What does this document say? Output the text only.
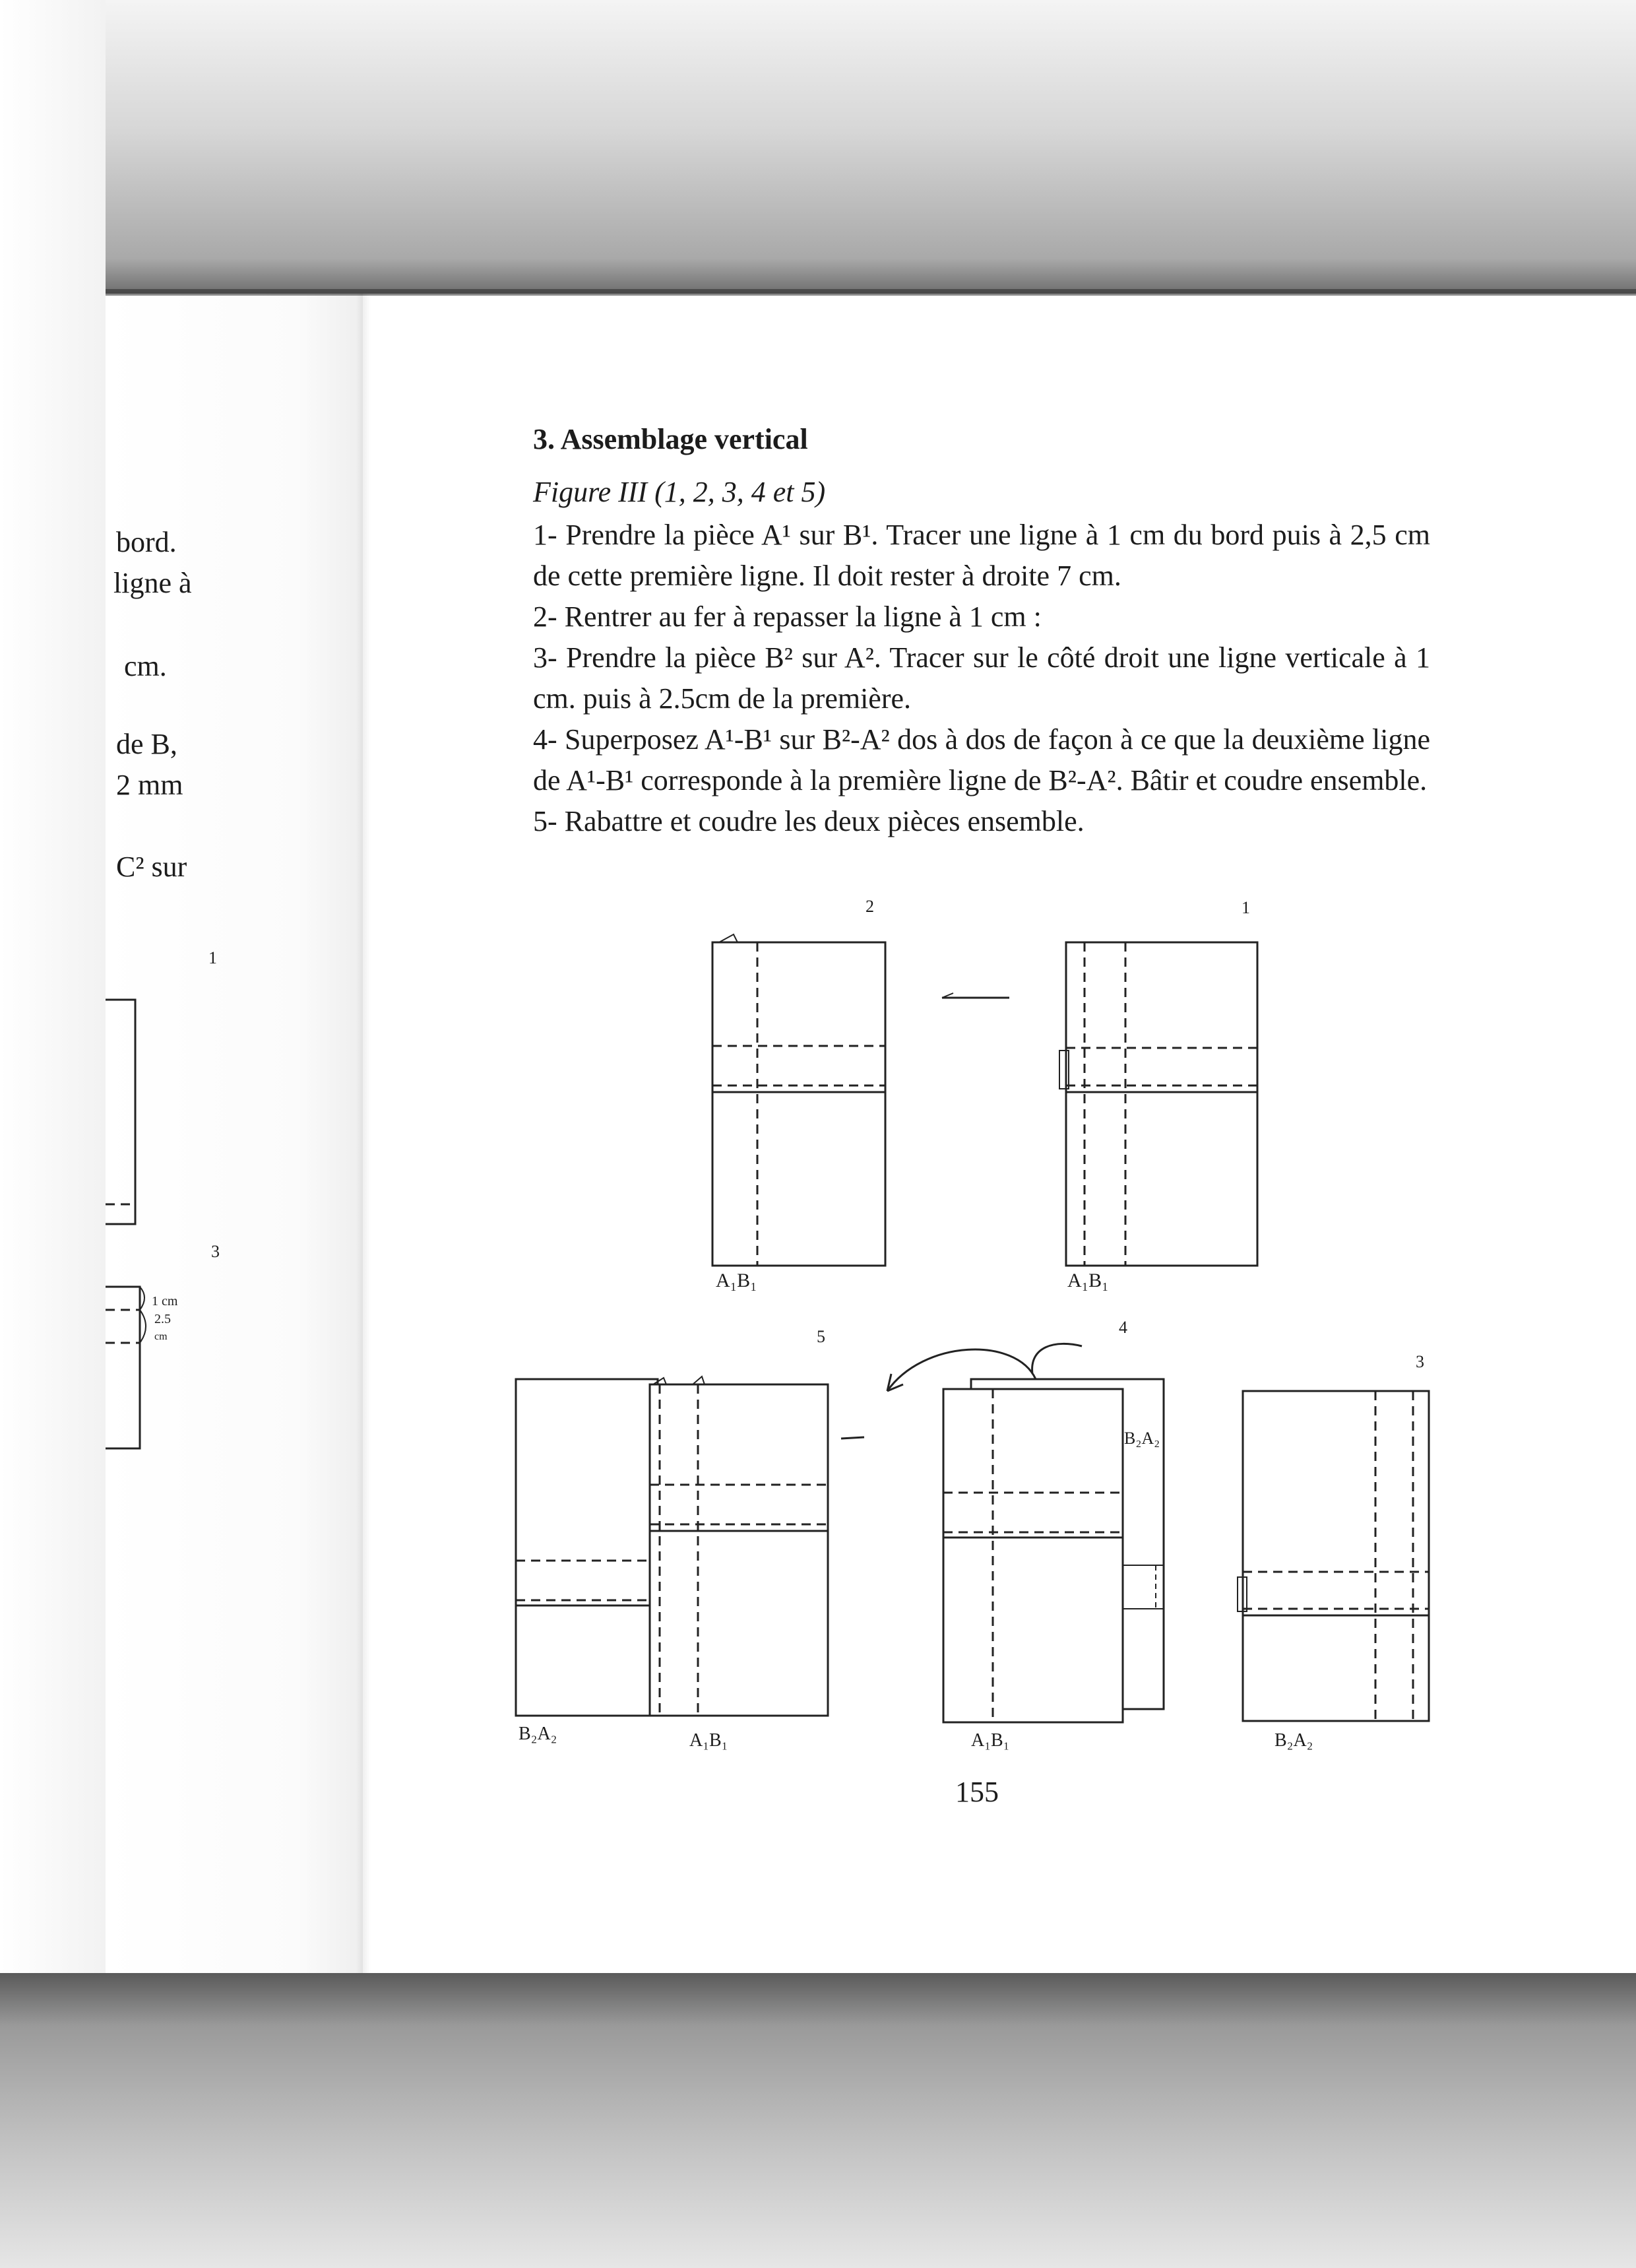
bord.
ligne à
cm.
de B,
2 mm
C² sur
3. Assemblage vertical
Figure III (1, 2, 3, 4 et 5)

1- Prendre la pièce A¹ sur B¹. Tracer une ligne à 1 cm du bord puis à 2,5 cm de cette première ligne. Il doit rester à droite 7 cm.

2- Rentrer au fer à repasser la ligne à 1 cm :

3- Prendre la pièce B² sur A². Tracer sur le côté droit une ligne verticale à 1 cm. puis à 2.5cm de la première.

4- Superposez A¹-B¹ sur B²-A² dos à dos de façon à ce que la deuxième ligne de A¹-B¹ corresponde à la première ligne de B²-A². Bâtir et coudre ensemble.

5- Rabattre et coudre les deux pièces ensemble.

1
3
1 cm
2.5
cm
2
A₁B₁
1
A₁B₁
5
B₂A₂	A₁B₁
4
B₂A₂
A₁B₁
3
B₂A₂
155
